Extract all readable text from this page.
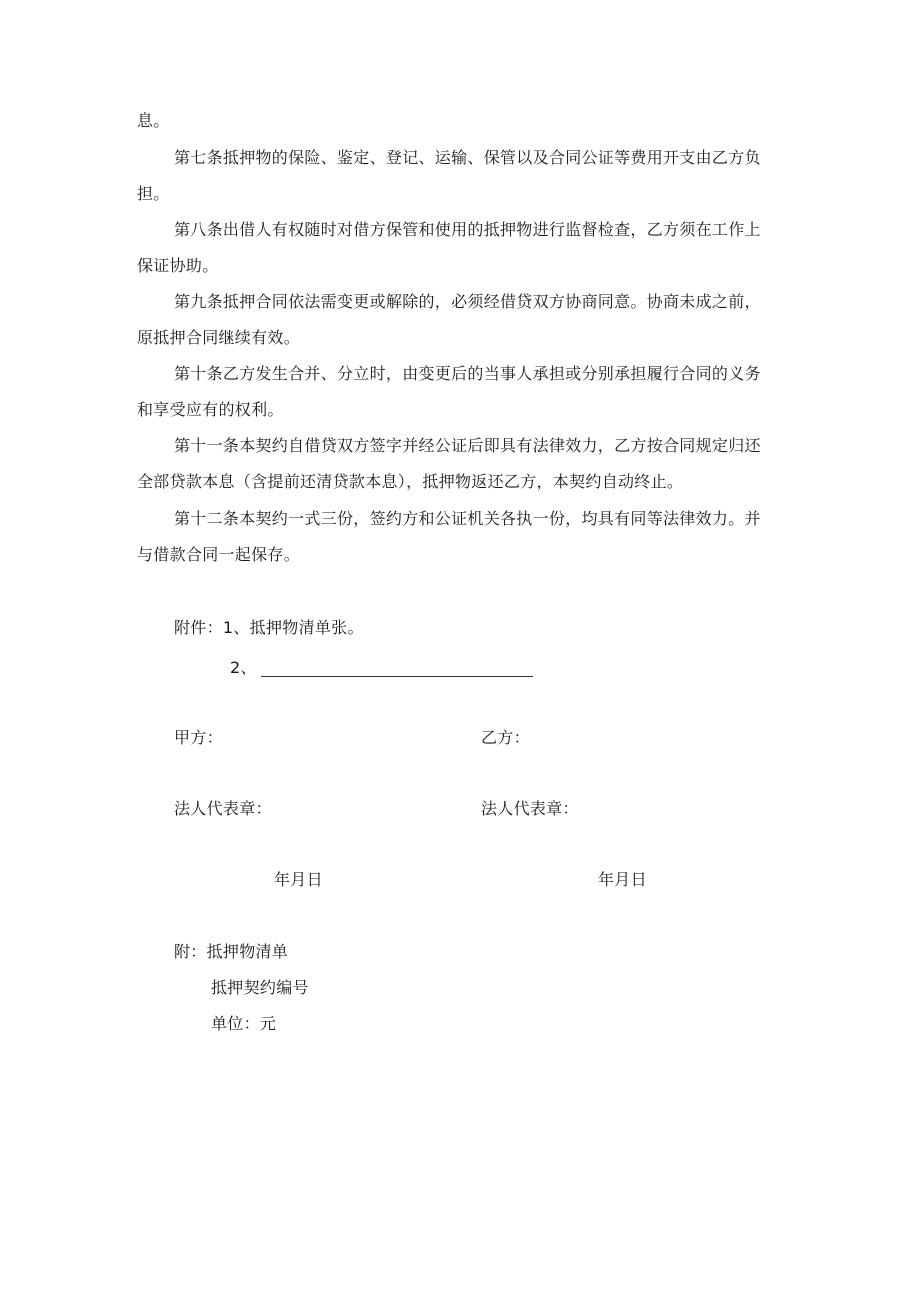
息。
第七条抵押物的保险、鉴定、登记、运输、保管以及合同公证等费用开支由乙方负
担。
第八条出借人有权随时对借方保管和使用的抵押物进行监督检查，乙方须在工作上
保证协助。
第九条抵押合同依法需变更或解除的，必须经借贷双方协商同意。协商未成之前，
原抵押合同继续有效。
第十条乙方发生合并、分立时，由变更后的当事人承担或分别承担履行合同的义务
和享受应有的权利。
第十一条本契约自借贷双方签字并经公证后即具有法律效力，乙方按合同规定归还
全部贷款本息（含提前还清贷款本息），抵押物返还乙方，本契约自动终止。
第十二条本契约一式三份，签约方和公证机关各执一份，均具有同等法律效力。并
与借款合同一起保存。
附件：1、抵押物清单张。
2、
甲方：	乙方：
法人代表章：	法人代表章：
年月日	年月日
附：抵押物清单
抵押契约编号
单位：元
